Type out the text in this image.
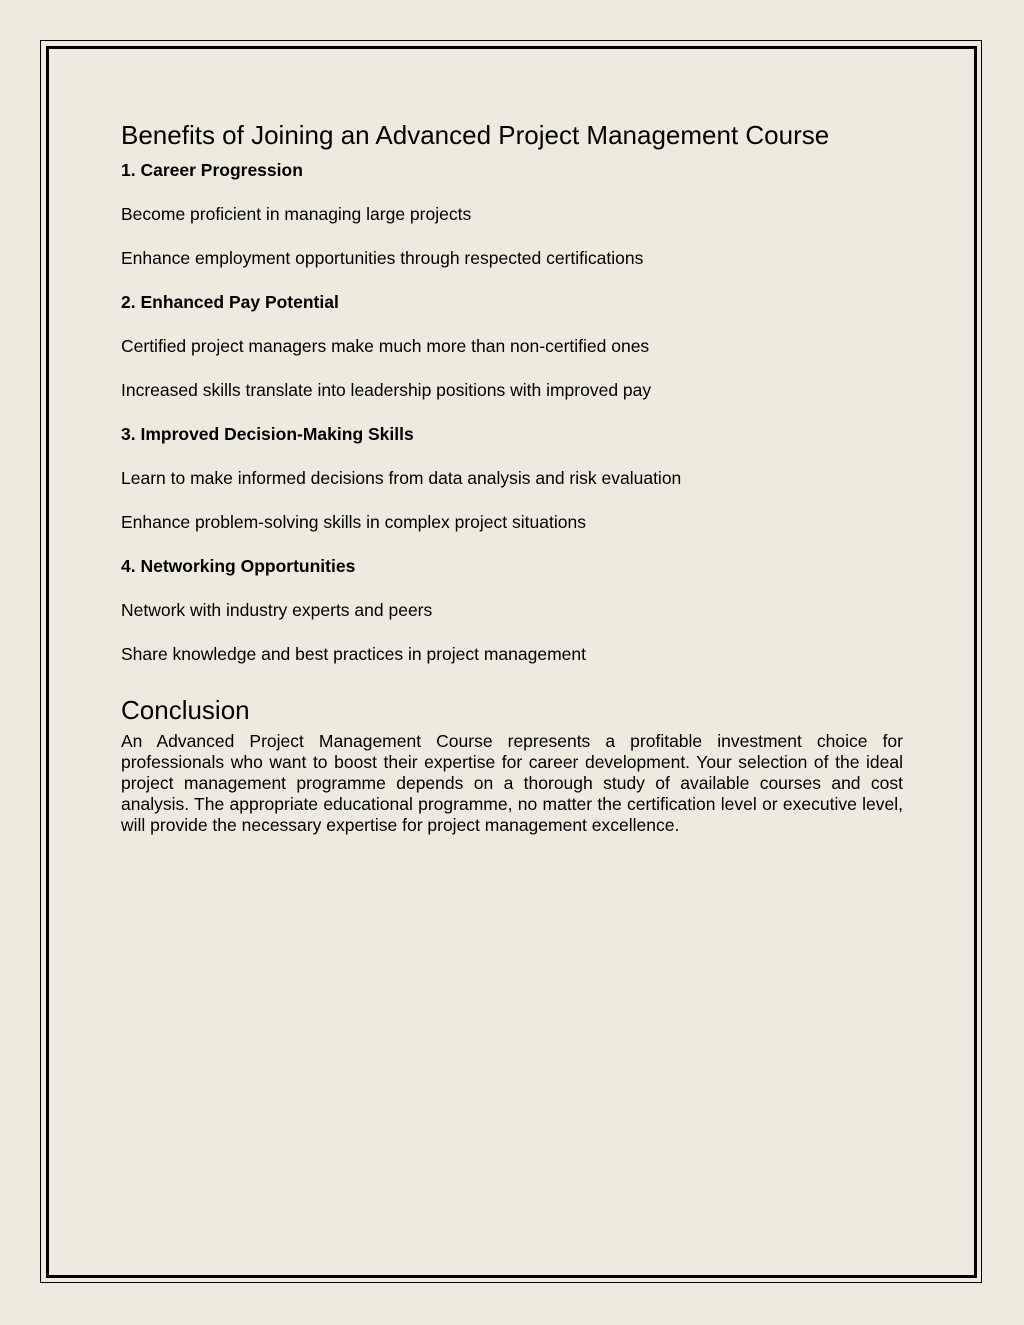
Benefits of Joining an Advanced Project Management Course
1. Career Progression
Become proficient in managing large projects
Enhance employment opportunities through respected certifications
2. Enhanced Pay Potential
Certified project managers make much more than non-certified ones
Increased skills translate into leadership positions with improved pay
3. Improved Decision-Making Skills
Learn to make informed decisions from data analysis and risk evaluation
Enhance problem-solving skills in complex project situations
4. Networking Opportunities
Network with industry experts and peers
Share knowledge and best practices in project management
Conclusion

An Advanced Project Management Course represents a profitable investment choice for professionals who want to boost their expertise for career development. Your selection of the ideal project management programme depends on a thorough study of available courses and cost analysis. The appropriate educational programme, no matter the certification level or executive level, will provide the necessary expertise for project management excellence.
